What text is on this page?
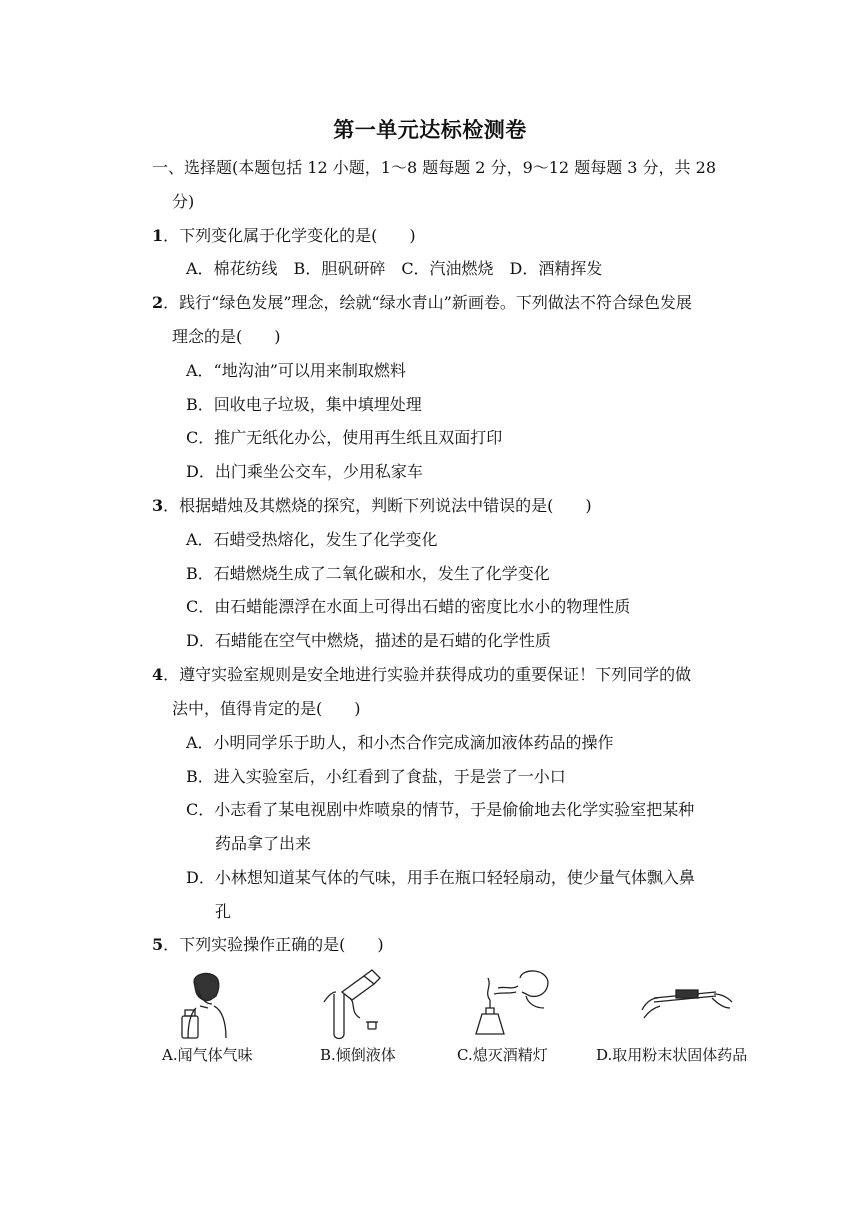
第一单元达标检测卷
一、选择题(本题包括 12 小题，1～8 题每题 2 分，9～12 题每题 3 分，共 28
分)
1．下列变化属于化学变化的是(　　)
A．棉花纺线　B．胆矾研碎　C．汽油燃烧　D．酒精挥发
2．践行“绿色发展”理念，绘就“绿水青山”新画卷。下列做法不符合绿色发展
理念的是(　　)
A．“地沟油”可以用来制取燃料
B．回收电子垃圾，集中填埋处理
C．推广无纸化办公，使用再生纸且双面打印
D．出门乘坐公交车，少用私家车
3．根据蜡烛及其燃烧的探究，判断下列说法中错误的是(　　)
A．石蜡受热熔化，发生了化学变化
B．石蜡燃烧生成了二氧化碳和水，发生了化学变化
C．由石蜡能漂浮在水面上可得出石蜡的密度比水小的物理性质
D．石蜡能在空气中燃烧，描述的是石蜡的化学性质
4．遵守实验室规则是安全地进行实验并获得成功的重要保证！下列同学的做
法中，值得肯定的是(　　)
A．小明同学乐于助人，和小杰合作完成滴加液体药品的操作
B．进入实验室后，小红看到了食盐，于是尝了一小口
C．小志看了某电视剧中炸喷泉的情节，于是偷偷地去化学实验室把某种
药品拿了出来
D．小林想知道某气体的气味，用手在瓶口轻轻扇动，使少量气体飘入鼻
孔
5．下列实验操作正确的是(　　)
A.闻气体气味	B.倾倒液体	C.熄灭酒精灯	D.取用粉末状固体药品
